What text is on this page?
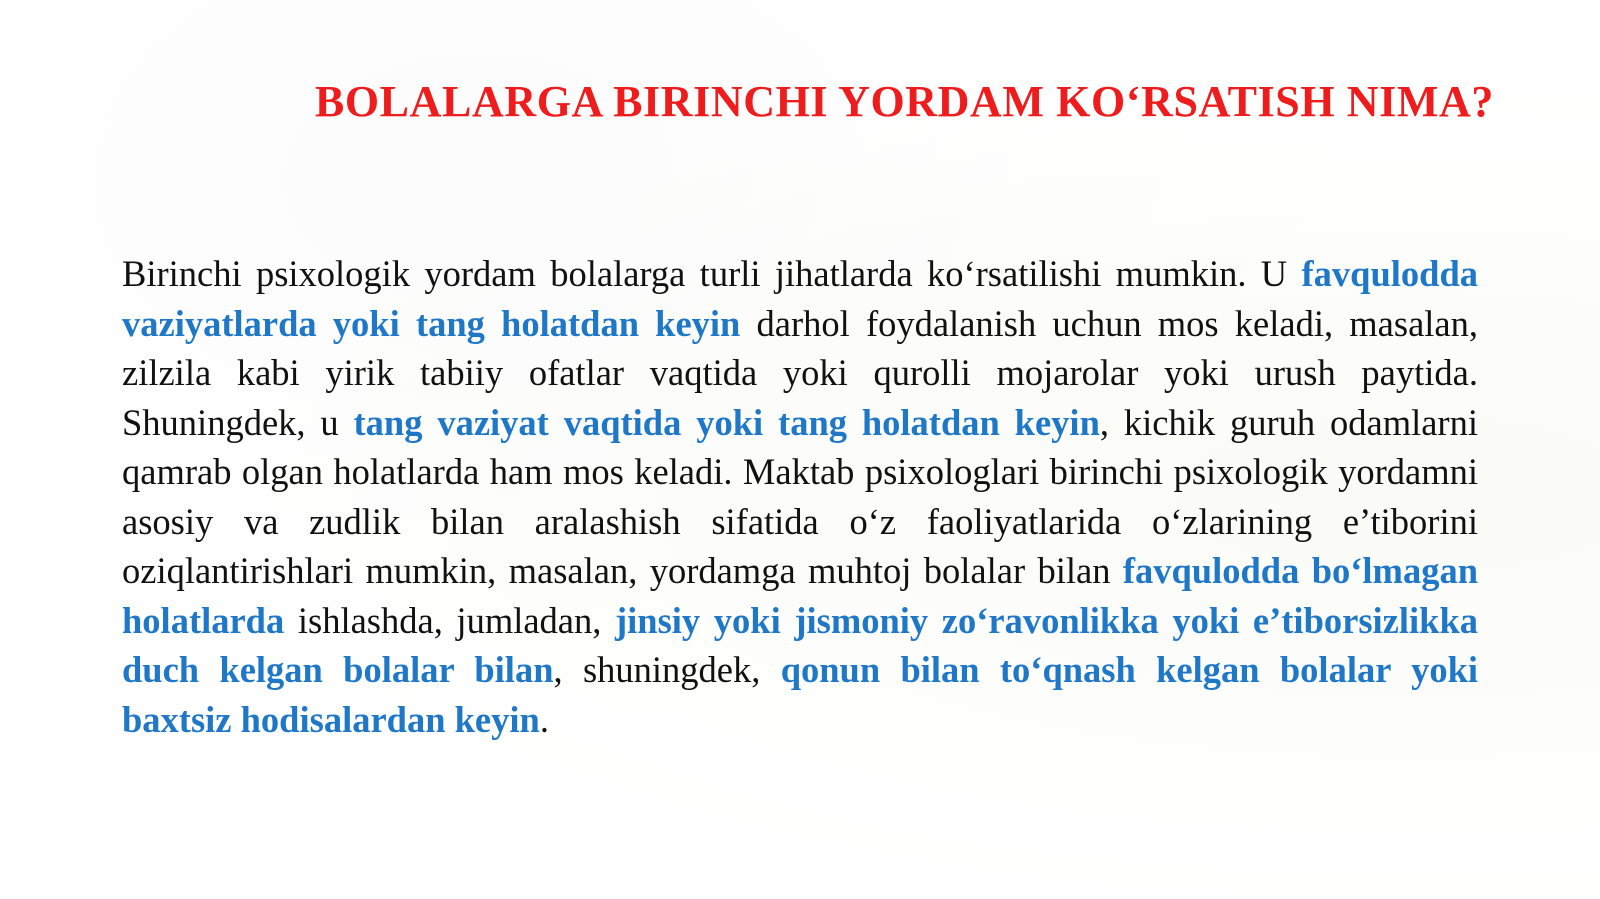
BOLALARGA BIRINCHI YORDAM KO‘RSATISH NIMA?

Birinchi psixologik yordam bolalarga turli jihatlarda ko‘rsatilishi mumkin. U favqulodda vaziyatlarda yoki tang holatdan keyin darhol foydalanish uchun mos keladi, masalan, zilzila kabi yirik tabiiy ofatlar vaqtida yoki qurolli mojarolar yoki urush paytida. Shuningdek, u tang vaziyat vaqtida yoki tang holatdan keyin, kichik guruh odamlarni qamrab olgan holatlarda ham mos keladi. Maktab psixologlari birinchi psixologik yordamni asosiy va zudlik bilan aralashish sifatida o‘z faoliyatlarida o‘zlarining e’tiborini oziqlantirishlari mumkin, masalan, yordamga muhtoj bolalar bilan favqulodda bo‘lmagan holatlarda ishlashda, jumladan, jinsiy yoki jismoniy zo‘ravonlikka yoki e’tiborsizlikka duch kelgan bolalar bilan, shuningdek, qonun bilan to‘qnash kelgan bolalar yoki baxtsiz hodisalardan keyin.
